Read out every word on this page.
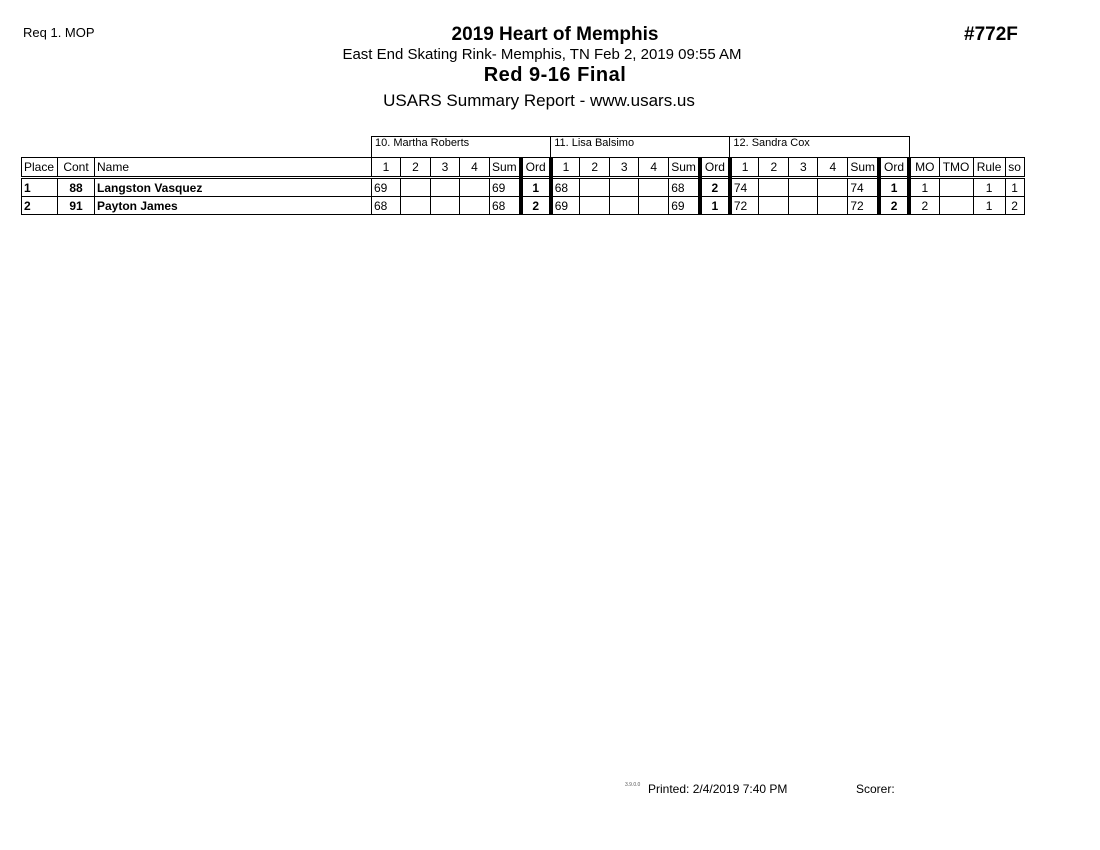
Req 1. MOP	#772F
2019 Heart of Memphis
East End Skating Rink- Memphis, TN Feb 2, 2019 09:55 AM
Red 9-16 Final
USARS Summary Report - www.usars.us
			10. Martha Roberts						11. Lisa Balsimo						12. Sandra Cox									
Place	Cont	Name	1	2	3	4	Sum	Ord	1	2	3	4	Sum	Ord	1	2	3	4	Sum	Ord	MO	TMO	Rule	so
1	88	Langston Vasquez	69				69	1	68				68	2	74				74	1	1		1	1
2	91	Payton James	68				68	2	69				69	1	72				72	2	2		1	2
3.9.0.0 Printed: 2/4/2019 7:40 PM	Scorer:
